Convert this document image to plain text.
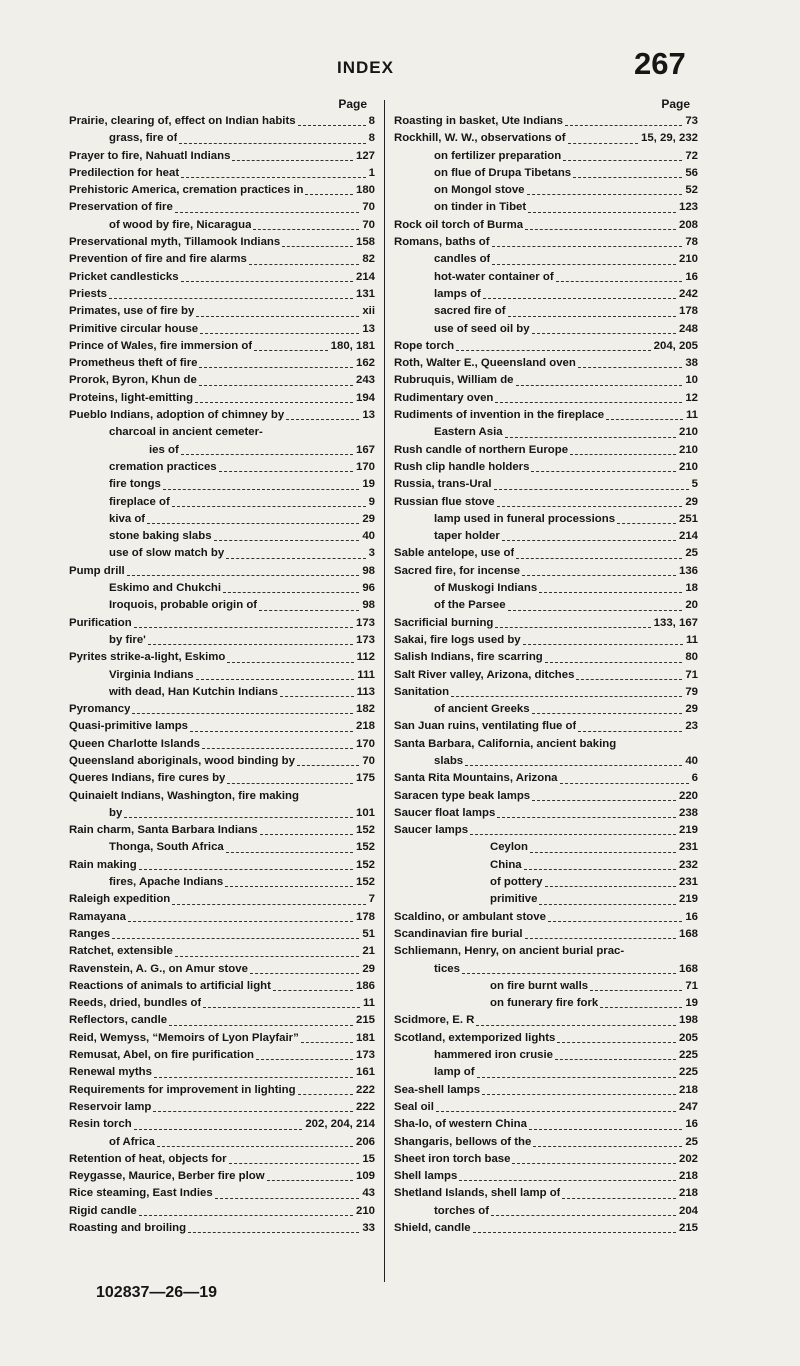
INDEX	267
Page
Prairie, clearing of, effect on Indian habits	8
grass, fire of	8
Prayer to fire, Nahuatl Indians	127
Predilection for heat	1
Prehistoric America, cremation practices in	180
Preservation of fire	70
of wood by fire, Nicaragua	70
Preservational myth, Tillamook Indians	158
Prevention of fire and fire alarms	82
Pricket candlesticks	214
Priests	131
Primates, use of fire by	xii
Primitive circular house	13
Prince of Wales, fire immersion of	180, 181
Prometheus theft of fire	162
Prorok, Byron, Khun de	243
Proteins, light-emitting	194
Pueblo Indians, adoption of chimney by	13
charcoal in ancient cemeter-
ies of	167
cremation practices	170
fire tongs	19
fireplace of	9
kiva of	29
stone baking slabs	40
use of slow match by	3
Pump drill	98
Eskimo and Chukchi	96
Iroquois, probable origin of	98
Purification	173
by fire'	173
Pyrites strike-a-light, Eskimo	112
Virginia Indians	111
with dead, Han Kutchin Indians	113
Pyromancy	182
Quasi-primitive lamps	218
Queen Charlotte Islands	170
Queensland aboriginals, wood binding by	70
Queres Indians, fire cures by	175
Quinaielt Indians, Washington, fire making
by	101
Rain charm, Santa Barbara Indians	152
Thonga, South Africa	152
Rain making	152
fires, Apache Indians	152
Raleigh expedition	7
Ramayana	178
Ranges	51
Ratchet, extensible	21
Ravenstein, A. G., on Amur stove	29
Reactions of animals to artificial light	186
Reeds, dried, bundles of	11
Reflectors, candle	215
Reid, Wemyss, “Memoirs of Lyon Playfair”	181
Remusat, Abel, on fire purification	173
Renewal myths	161
Requirements for improvement in lighting	222
Reservoir lamp	222
Resin torch	202, 204, 214
of Africa	206
Retention of heat, objects for	15
Reygasse, Maurice, Berber fire plow	109
Rice steaming, East Indies	43
Rigid candle	210
Roasting and broiling	33
Page
Roasting in basket, Ute Indians	73
Rockhill, W. W., observations of	15, 29, 232
on fertilizer preparation	72
on flue of Drupa Tibetans	56
on Mongol stove	52
on tinder in Tibet	123
Rock oil torch of Burma	208
Romans, baths of	78
candles of	210
hot-water container of	16
lamps of	242
sacred fire of	178
use of seed oil by	248
Rope torch	204, 205
Roth, Walter E., Queensland oven	38
Rubruquis, William de	10
Rudimentary oven	12
Rudiments of invention in the fireplace	11
Eastern Asia	210
Rush candle of northern Europe	210
Rush clip handle holders	210
Russia, trans-Ural	5
Russian flue stove	29
lamp used in funeral processions	251
taper holder	214
Sable antelope, use of	25
Sacred fire, for incense	136
of Muskogi Indians	18
of the Parsee	20
Sacrificial burning	133, 167
Sakai, fire logs used by	11
Salish Indians, fire scarring	80
Salt River valley, Arizona, ditches	71
Sanitation	79
of ancient Greeks	29
San Juan ruins, ventilating flue of	23
Santa Barbara, California, ancient baking
slabs	40
Santa Rita Mountains, Arizona	6
Saracen type beak lamps	220
Saucer float lamps	238
Saucer lamps	219
Ceylon	231
China	232
of pottery	231
primitive	219
Scaldino, or ambulant stove	16
Scandinavian fire burial	168
Schliemann, Henry, on ancient burial prac-
tices	168
on fire burnt walls	71
on funerary fire fork	19
Scidmore, E. R	198
Scotland, extemporized lights	205
hammered iron crusie	225
lamp of	225
Sea-shell lamps	218
Seal oil	247
Sha-lo, of western China	16
Shangaris, bellows of the	25
Sheet iron torch base	202
Shell lamps	218
Shetland Islands, shell lamp of	218
torches of	204
Shield, candle	215
102837—26—19
